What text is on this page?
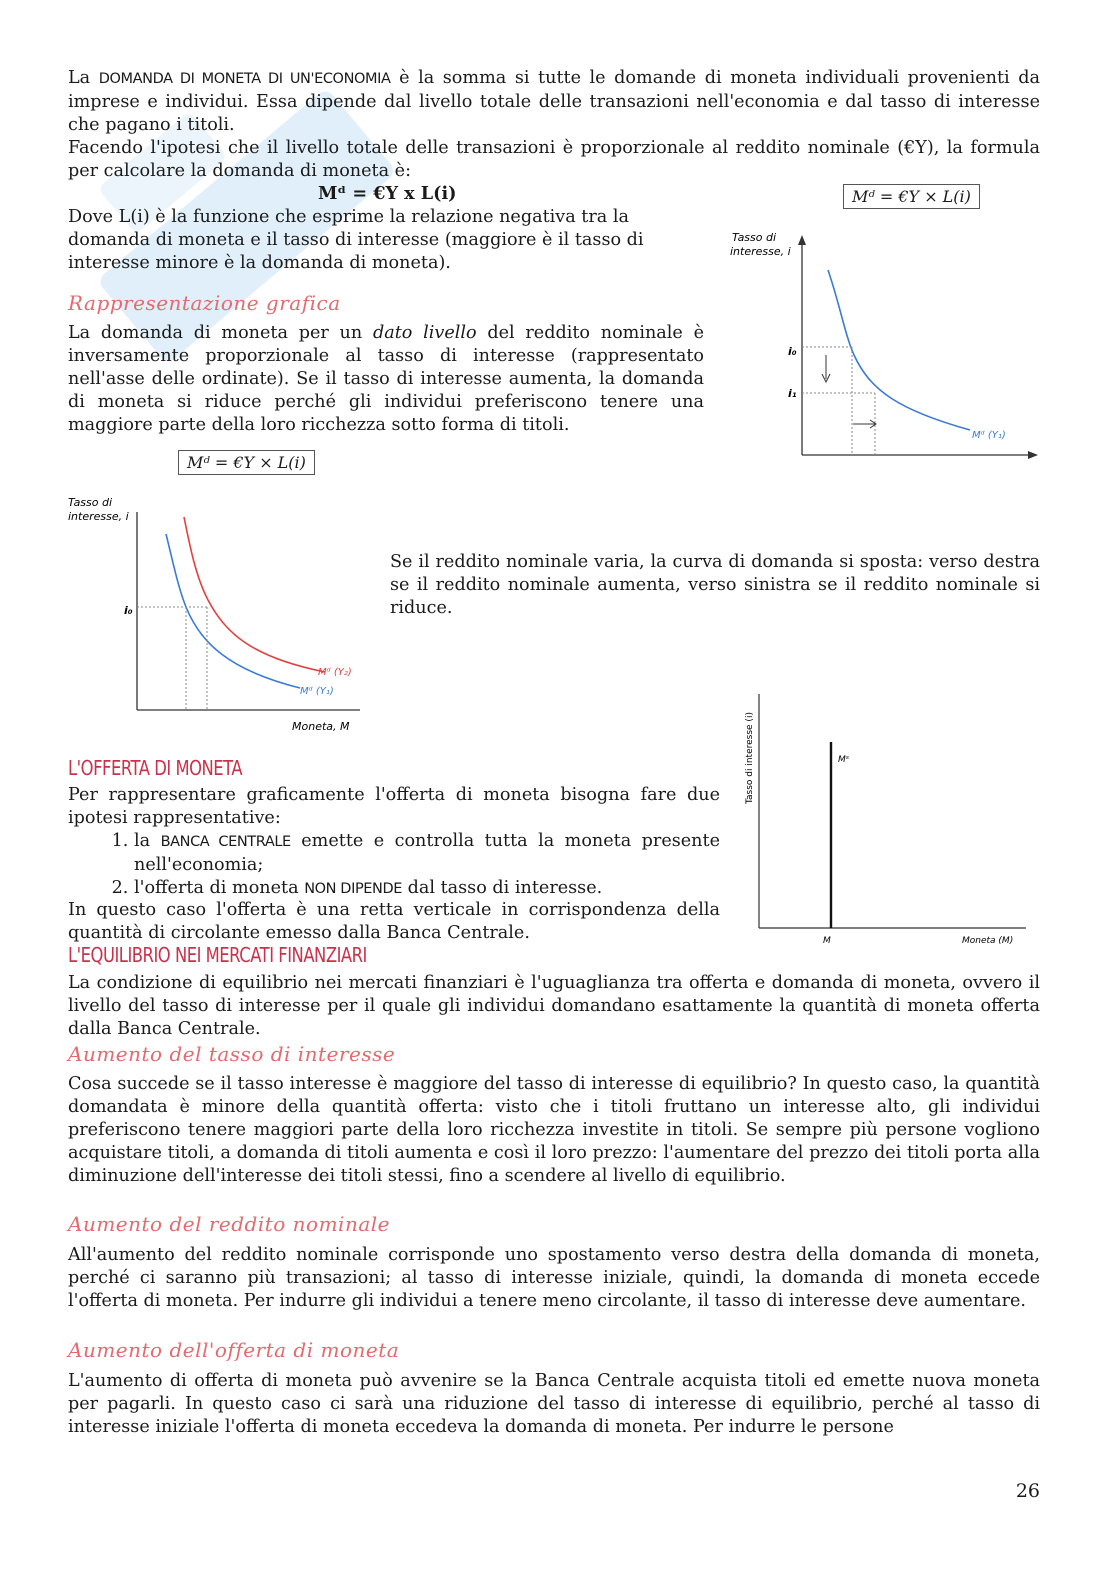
La DOMANDA DI MONETA DI UN'ECONOMIA è la somma si tutte le domande di moneta individuali provenienti da imprese e individui. Essa dipende dal livello totale delle transazioni nell'economia e dal tasso di interesse che pagano i titoli.
Facendo l'ipotesi che il livello totale delle transazioni è proporzionale al reddito nominale (€Y), la formula per calcolare la domanda di moneta è:
Mᵈ = €Y x L(i)
Dove L(i) è la funzione che esprime la relazione negativa tra la domanda di moneta e il tasso di interesse (maggiore è il tasso di interesse minore è la domanda di moneta).
Mᵈ = €Y × L(i)
Tasso di
interesse, i
i₀
i₁
Mᵈ (Y₁)
Rappresentazione grafica
La domanda di moneta per un dato livello del reddito nominale è inversamente proporzionale al tasso di interesse (rappresentato nell'asse delle ordinate). Se il tasso di interesse aumenta, la domanda di moneta si riduce perché gli individui preferiscono tenere una maggiore parte della loro ricchezza sotto forma di titoli.
Mᵈ = €Y × L(i)
Tasso di
interesse, i
i₀
Mᵈ (Y₂)
Mᵈ (Y₁)
Moneta, M
Se il reddito nominale varia, la curva di domanda si sposta: verso destra se il reddito nominale aumenta, verso sinistra se il reddito nominale si riduce.
Tasso di interesse (i)	Mˢ
M	Moneta (M)
L'OFFERTA DI MONETA
Per rappresentare graficamente l'offerta di moneta bisogna fare due ipotesi rappresentative:
1. la BANCA CENTRALE emette e controlla tutta la moneta presente nell'economia;
2. l'offerta di moneta NON DIPENDE dal tasso di interesse.
In questo caso l'offerta è una retta verticale in corrispondenza della quantità di circolante emesso dalla Banca Centrale.
L'EQUILIBRIO NEI MERCATI FINANZIARI
La condizione di equilibrio nei mercati finanziari è l'uguaglianza tra offerta e domanda di moneta, ovvero il livello del tasso di interesse per il quale gli individui domandano esattamente la quantità di moneta offerta dalla Banca Centrale.
Aumento del tasso di interesse
Cosa succede se il tasso interesse è maggiore del tasso di interesse di equilibrio? In questo caso, la quantità domandata è minore della quantità offerta: visto che i titoli fruttano un interesse alto, gli individui preferiscono tenere maggiori parte della loro ricchezza investite in titoli. Se sempre più persone vogliono acquistare titoli, a domanda di titoli aumenta e così il loro prezzo: l'aumentare del prezzo dei titoli porta alla diminuzione dell'interesse dei titoli stessi, fino a scendere al livello di equilibrio.
Aumento del reddito nominale
All'aumento del reddito nominale corrisponde uno spostamento verso destra della domanda di moneta, perché ci saranno più transazioni; al tasso di interesse iniziale, quindi, la domanda di moneta eccede l'offerta di moneta. Per indurre gli individui a tenere meno circolante, il tasso di interesse deve aumentare.
Aumento dell'offerta di moneta
L'aumento di offerta di moneta può avvenire se la Banca Centrale acquista titoli ed emette nuova moneta per pagarli. In questo caso ci sarà una riduzione del tasso di interesse di equilibrio, perché al tasso di interesse iniziale l'offerta di moneta eccedeva la domanda di moneta. Per indurre le persone
26
